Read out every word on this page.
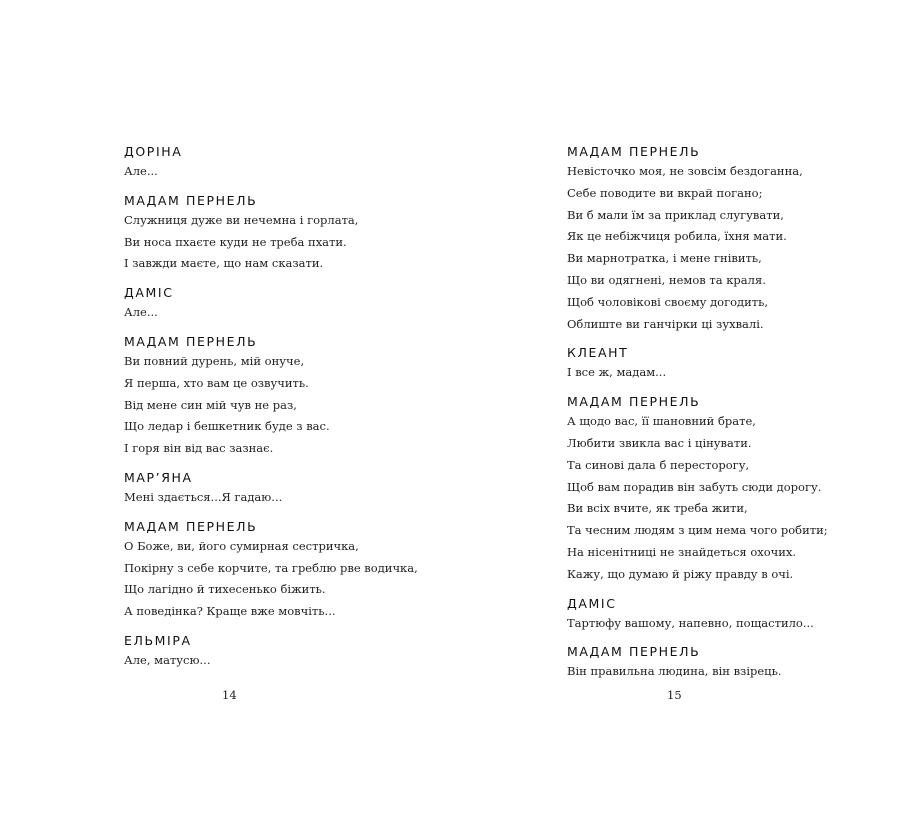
ДОРІНА
Але...
МАДАМ ПЕРНЕЛЬ
Служниця дуже ви нечемна і горлата,
Ви носа пхаєте куди не треба пхати.
І завжди маєте, що нам сказати.
ДАМІС
Але...
МАДАМ ПЕРНЕЛЬ
Ви повний дурень, мій онуче,
Я перша, хто вам це озвучить.
Від мене син мій чув не раз,
Що ледар і бешкетник буде з вас.
І горя він від вас зазнає.
МАР’ЯНА
Мені здається...Я гадаю...
МАДАМ ПЕРНЕЛЬ
О Боже, ви, його сумирная сестричка,
Покірну з себе корчите, та греблю рве водичка,
Що лагідно й тихесенько біжить.
А поведінка? Краще вже мовчіть...
ЕЛЬМІРА
Але, матусю...
МАДАМ ПЕРНЕЛЬ
Невісточко моя, не зовсім бездоганна,
Себе поводите ви вкрай погано;
Ви б мали їм за приклад слугувати,
Як це небіжчиця робила, їхня мати.
Ви марнотратка, і мене гнівить,
Що ви одягнені, немов та краля.
Щоб чоловікові своєму догодить,
Облиште ви ганчірки ці зухвалі.
КЛЕАНТ
І все ж, мадам...
МАДАМ ПЕРНЕЛЬ
А щодо вас, її шановний брате,
Любити звикла вас і цінувати.
Та синові дала б пересторогу,
Щоб вам порадив він забуть сюди дорогу.
Ви всіх вчите, як треба жити,
Та чесним людям з цим нема чого робити;
На нісенітниці не знайдеться охочих.
Кажу, що думаю й ріжу правду в очі.
ДАМІС
Тартюфу вашому, напевно, пощастило...
МАДАМ ПЕРНЕЛЬ
Він правильна людина, він взірець.
14	15
